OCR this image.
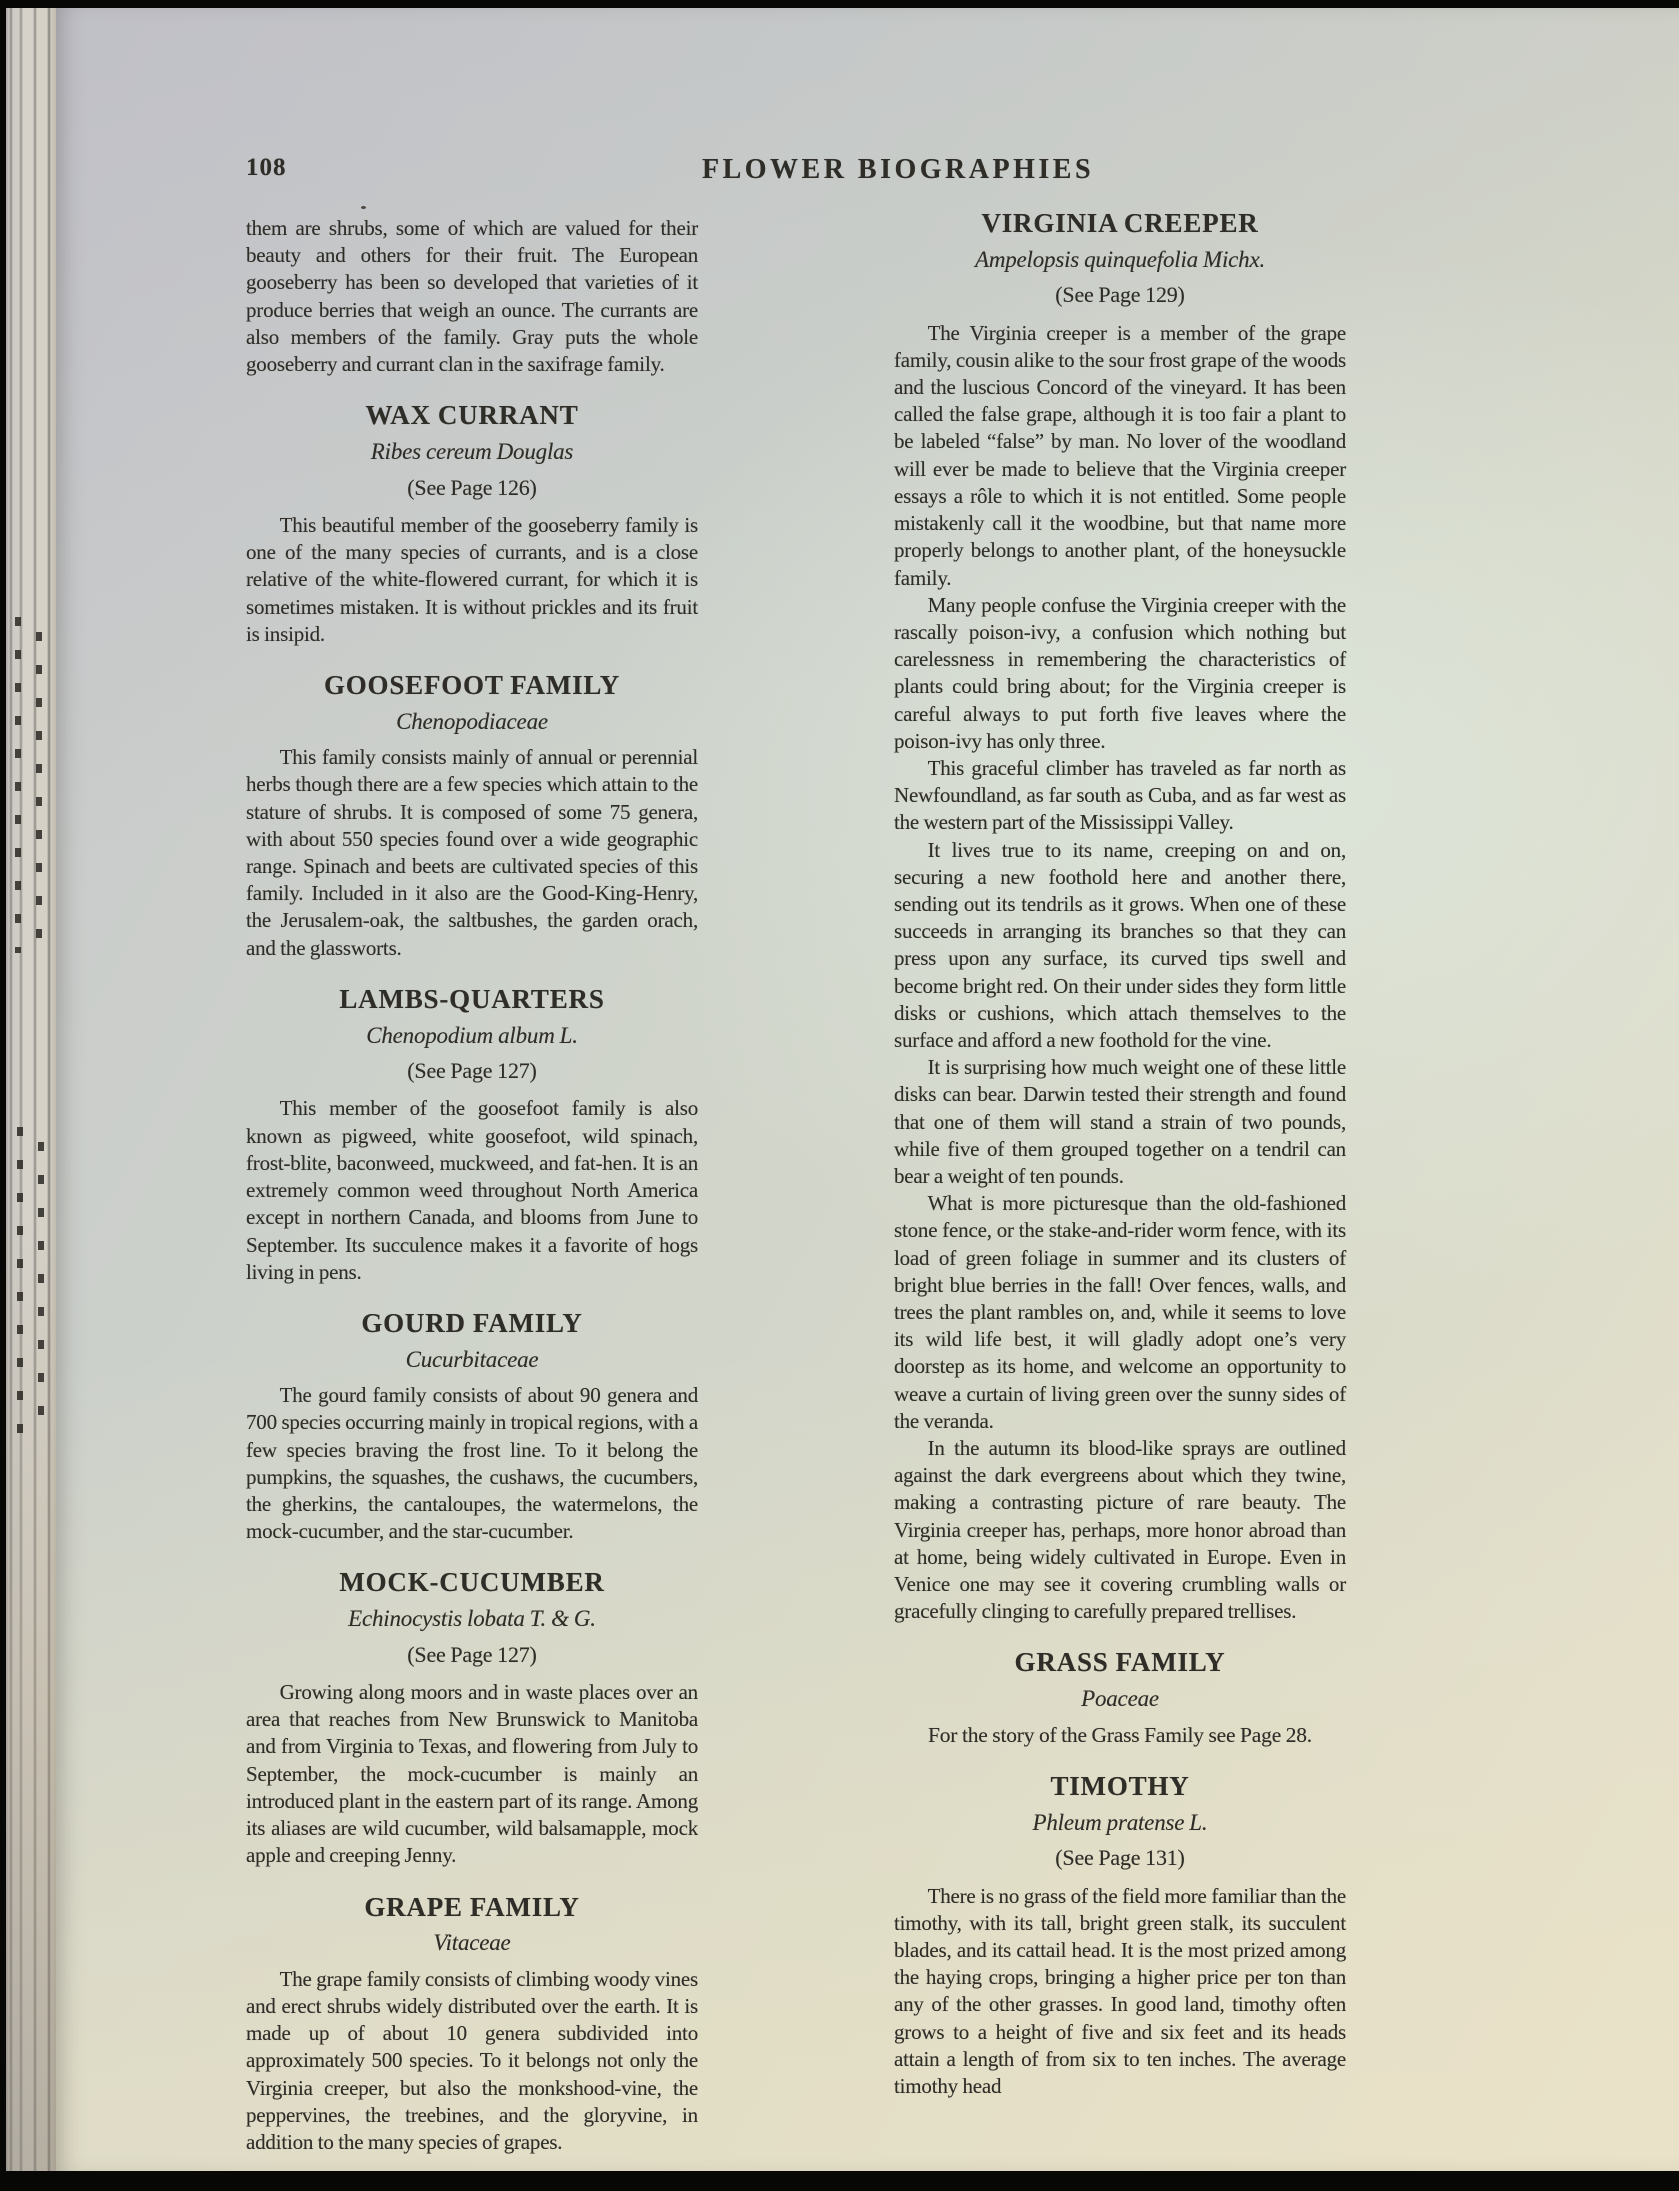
108	FLOWER BIOGRAPHIES

them are shrubs, some of which are valued for their beauty and others for their fruit. The European gooseberry has been so developed that varieties of it produce berries that weigh an ounce. The currants are also members of the family. Gray puts the whole gooseberry and currant clan in the saxifrage family.

WAX CURRANT
Ribes cereum Douglas
(See Page 126)

This beautiful member of the gooseberry family is one of the many species of currants, and is a close relative of the white-flowered currant, for which it is sometimes mistaken. It is without prickles and its fruit is insipid.

GOOSEFOOT FAMILY
Chenopodiaceae

This family consists mainly of annual or perennial herbs though there are a few species which attain to the stature of shrubs. It is composed of some 75 genera, with about 550 species found over a wide geographic range. Spinach and beets are cultivated species of this family. Included in it also are the Good-King-Henry, the Jerusalem-oak, the saltbushes, the garden orach, and the glassworts.

LAMBS-QUARTERS
Chenopodium album L.
(See Page 127)

This member of the goosefoot family is also known as pigweed, white goosefoot, wild spinach, frost-blite, baconweed, muckweed, and fat-hen. It is an extremely common weed throughout North America except in northern Canada, and blooms from June to September. Its succulence makes it a favorite of hogs living in pens.

GOURD FAMILY
Cucurbitaceae

The gourd family consists of about 90 genera and 700 species occurring mainly in tropical regions, with a few species braving the frost line. To it belong the pumpkins, the squashes, the cushaws, the cucumbers, the gherkins, the cantaloupes, the watermelons, the mock-cucumber, and the star-cucumber.

MOCK-CUCUMBER
Echinocystis lobata T. & G.
(See Page 127)

Growing along moors and in waste places over an area that reaches from New Brunswick to Manitoba and from Virginia to Texas, and flowering from July to September, the mock-cucumber is mainly an introduced plant in the eastern part of its range. Among its aliases are wild cucumber, wild balsamapple, mock apple and creeping Jenny.

GRAPE FAMILY
Vitaceae

The grape family consists of climbing woody vines and erect shrubs widely distributed over the earth. It is made up of about 10 genera subdivided into approximately 500 species. To it belongs not only the Virginia creeper, but also the monkshood-vine, the peppervines, the treebines, and the gloryvine, in addition to the many species of grapes.

VIRGINIA CREEPER
Ampelopsis quinquefolia Michx.
(See Page 129)

The Virginia creeper is a member of the grape family, cousin alike to the sour frost grape of the woods and the luscious Concord of the vineyard. It has been called the false grape, although it is too fair a plant to be labeled “false” by man. No lover of the woodland will ever be made to believe that the Virginia creeper essays a rôle to which it is not entitled. Some people mistakenly call it the woodbine, but that name more properly belongs to another plant, of the honeysuckle family.

Many people confuse the Virginia creeper with the rascally poison-ivy, a confusion which nothing but carelessness in remembering the characteristics of plants could bring about; for the Virginia creeper is careful always to put forth five leaves where the poison-ivy has only three.

This graceful climber has traveled as far north as Newfoundland, as far south as Cuba, and as far west as the western part of the Mississippi Valley.

It lives true to its name, creeping on and on, securing a new foothold here and another there, sending out its tendrils as it grows. When one of these succeeds in arranging its branches so that they can press upon any surface, its curved tips swell and become bright red. On their under sides they form little disks or cushions, which attach themselves to the surface and afford a new foothold for the vine.

It is surprising how much weight one of these little disks can bear. Darwin tested their strength and found that one of them will stand a strain of two pounds, while five of them grouped together on a tendril can bear a weight of ten pounds.

What is more picturesque than the old-fashioned stone fence, or the stake-and-rider worm fence, with its load of green foliage in summer and its clusters of bright blue berries in the fall! Over fences, walls, and trees the plant rambles on, and, while it seems to love its wild life best, it will gladly adopt one’s very doorstep as its home, and welcome an opportunity to weave a curtain of living green over the sunny sides of the veranda.

In the autumn its blood-like sprays are outlined against the dark evergreens about which they twine, making a contrasting picture of rare beauty. The Virginia creeper has, perhaps, more honor abroad than at home, being widely cultivated in Europe. Even in Venice one may see it covering crumbling walls or gracefully clinging to carefully prepared trellises.

GRASS FAMILY
Poaceae

For the story of the Grass Family see Page 28.

TIMOTHY
Phleum pratense L.
(See Page 131)

There is no grass of the field more familiar than the timothy, with its tall, bright green stalk, its succulent blades, and its cattail head. It is the most prized among the haying crops, bringing a higher price per ton than any of the other grasses. In good land, timothy often grows to a height of five and six feet and its heads attain a length of from six to ten inches. The average timothy head
